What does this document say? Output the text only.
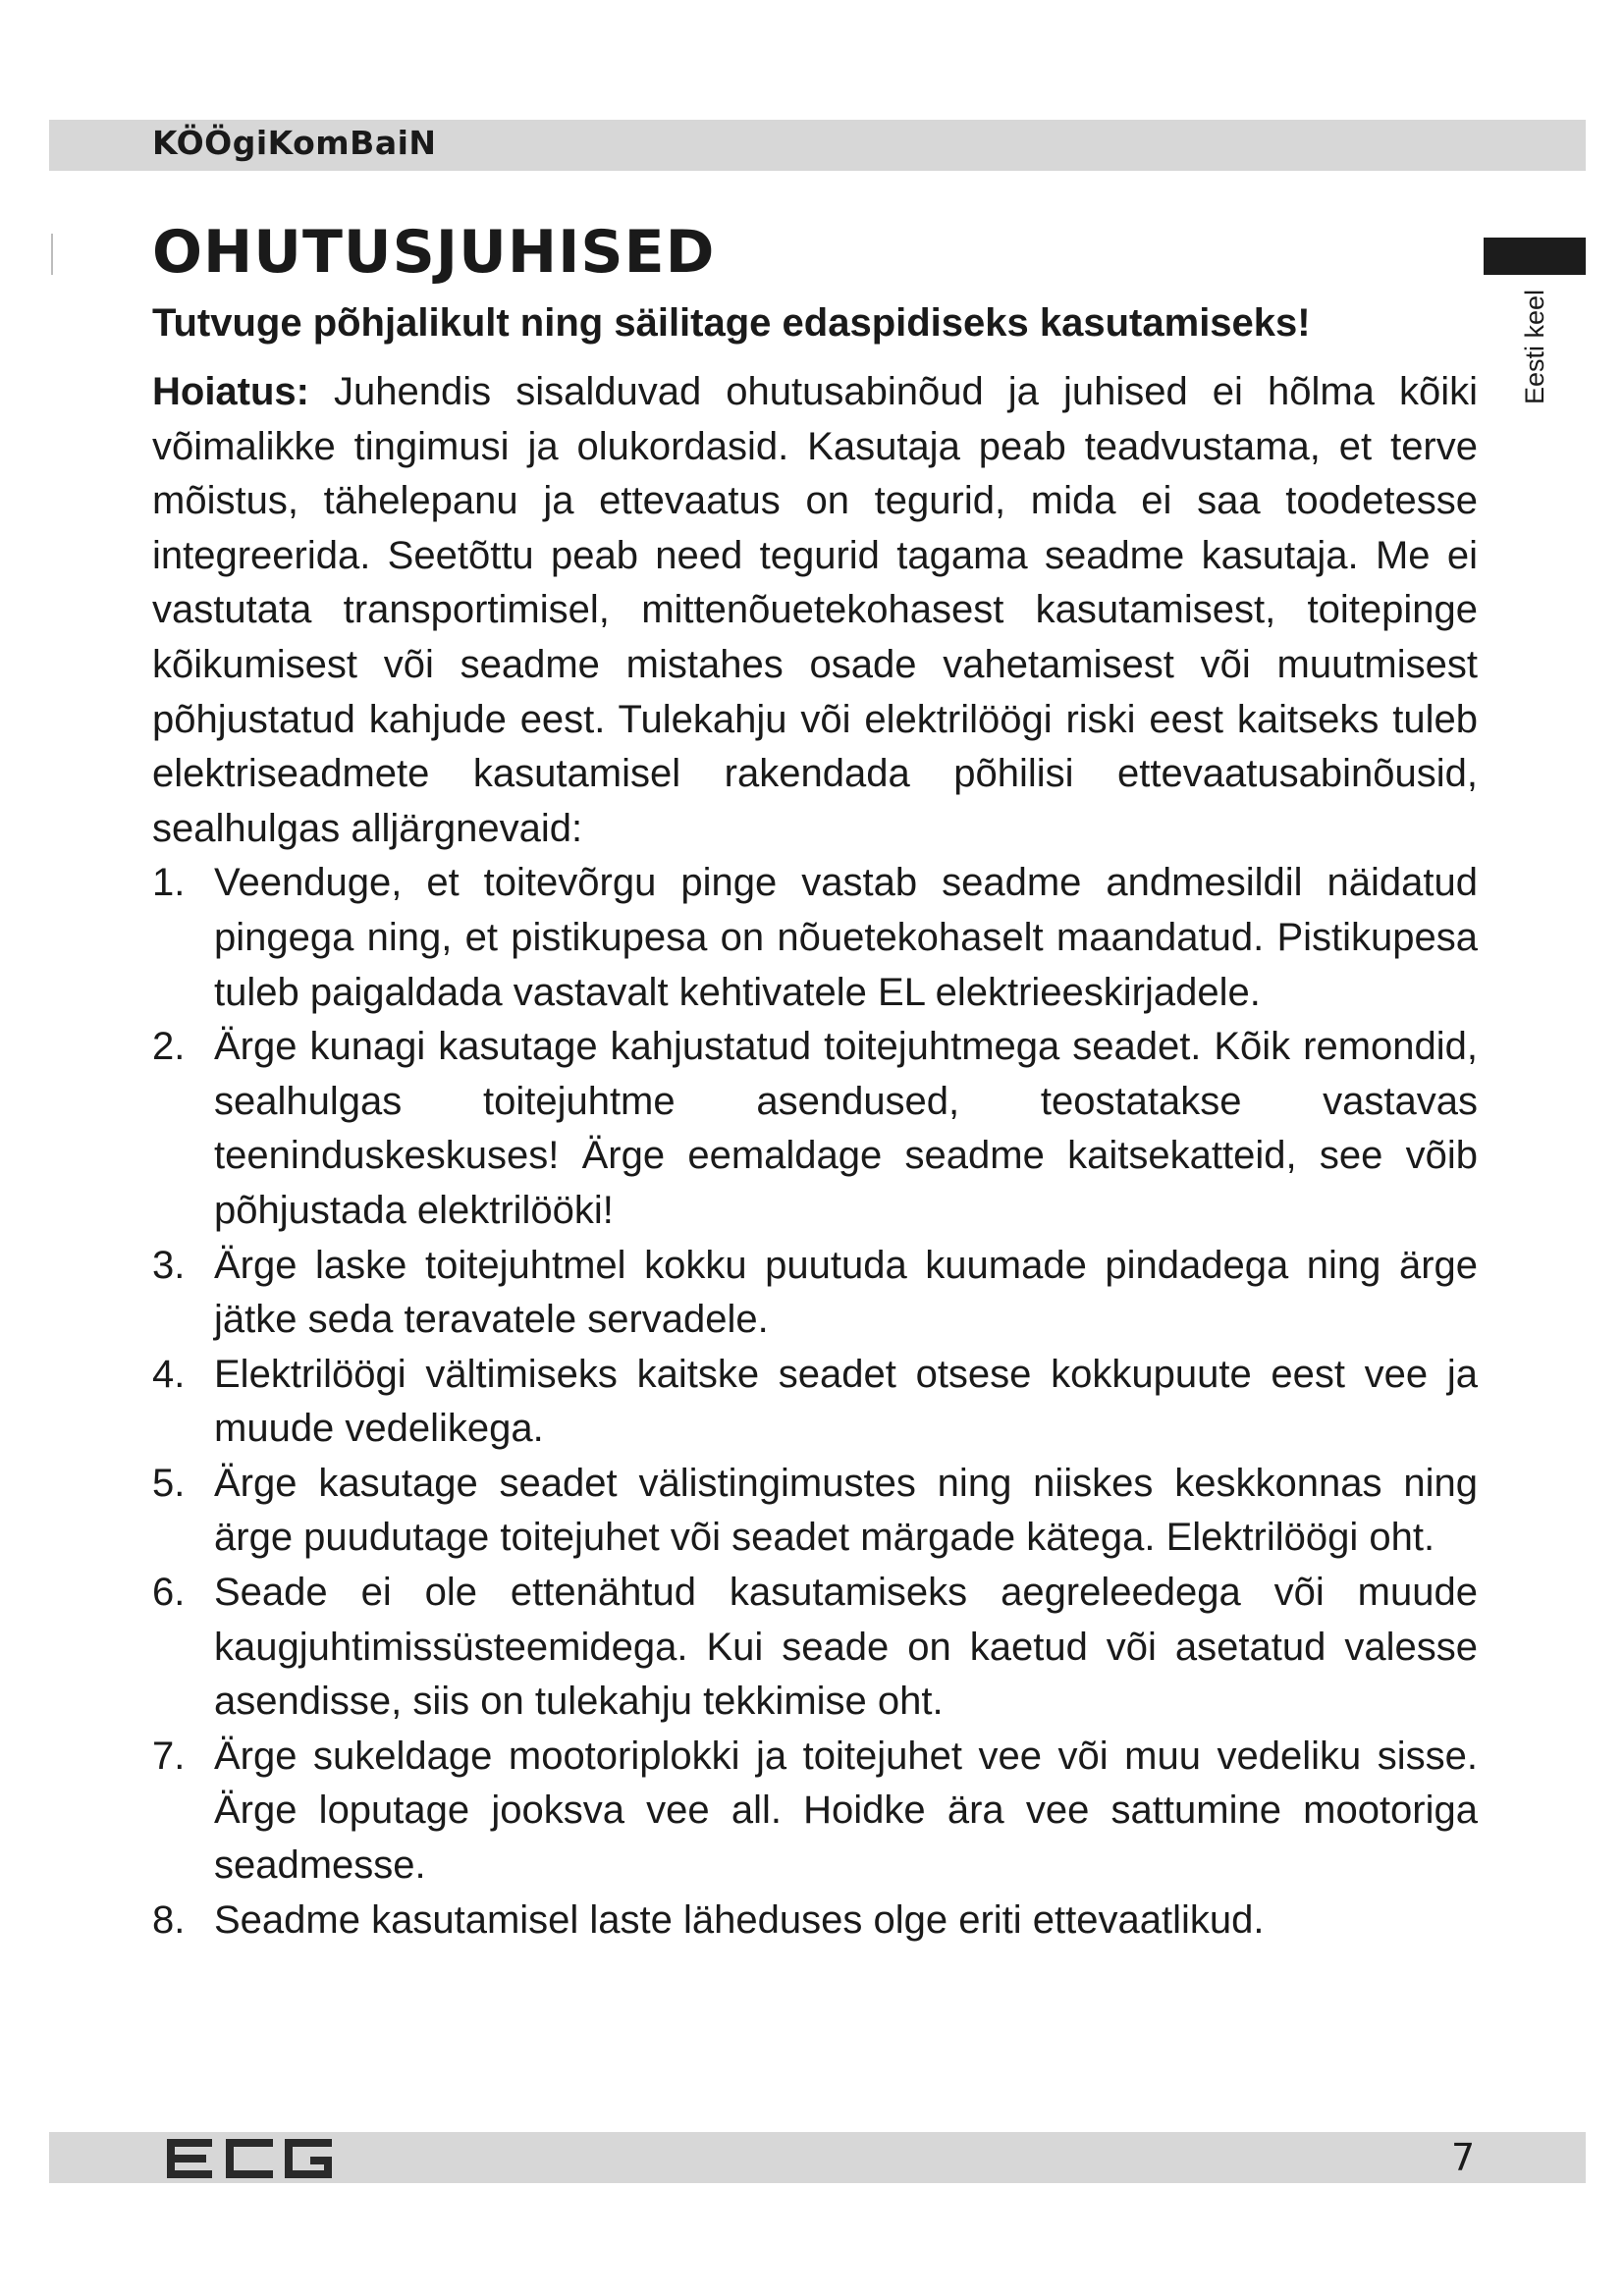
KÖÖgiKomBaiN
Eesti keel
OHUTUSJUHISED

Tutvuge põhjalikult ning säilitage edaspidiseks kasutamiseks!

Hoiatus: Juhendis sisalduvad ohutusabinõud ja juhised ei hõlma kõiki võimalikke tingimusi ja olukordasid. Kasutaja peab teadvustama, et terve mõistus, tähelepanu ja ettevaatus on tegurid, mida ei saa toodetesse integreerida. Seetõttu peab need tegurid tagama seadme kasutaja. Me ei vastutata transportimisel, mittenõuetekohasest kasutamisest, toitepinge kõikumisest või seadme mistahes osade vahetamisest või muutmisest põhjustatud kahjude eest. Tulekahju või elektrilöögi riski eest kaitseks tuleb elektriseadmete kasutamisel rakendada põhilisi ettevaatusabinõusid, sealhulgas alljärgnevaid:

1. Veenduge, et toitevõrgu pinge vastab seadme andmesildil näidatud pingega ning, et pistikupesa on nõuetekohaselt maandatud. Pistikupesa tuleb paigaldada vastavalt kehtivatele EL elektrieeskirjadele.
2. Ärge kunagi kasutage kahjustatud toitejuhtmega seadet. Kõik remondid, sealhulgas toitejuhtme asendused, teostatakse vastavas teeninduskeskuses! Ärge eemaldage seadme kaitsekatteid, see võib põhjustada elektrilööki!
3. Ärge laske toitejuhtmel kokku puutuda kuumade pindadega ning ärge jätke seda teravatele servadele.
4. Elektrilöögi vältimiseks kaitske seadet otsese kokkupuute eest vee ja muude vedelikega.
5. Ärge kasutage seadet välistingimustes ning niiskes keskkonnas ning ärge puudutage toitejuhet või seadet märgade kätega. Elektrilöögi oht.
6. Seade ei ole ettenähtud kasutamiseks aegreleedega või muude kaugjuhtimissüsteemidega. Kui seade on kaetud või asetatud valesse asendisse, siis on tulekahju tekkimise oht.
7. Ärge sukeldage mootoriplokki ja toitejuhet vee või muu vedeliku sisse. Ärge loputage jooksva vee all. Hoidke ära vee sattumine mootoriga seadmesse.
8. Seadme kasutamisel laste läheduses olge eriti ettevaatlikud.
7
